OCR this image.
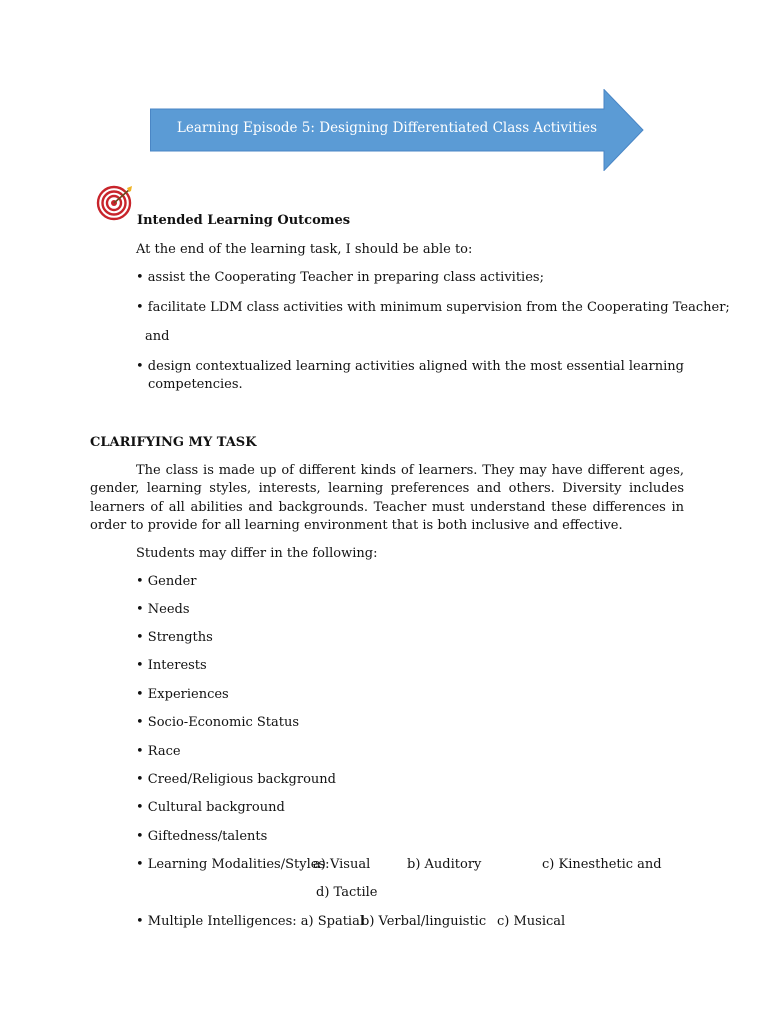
Learning Episode 5: Designing Differentiated Class Activities
Intended Learning Outcomes
At the end of the learning task, I should be able to:
• assist the Cooperating Teacher in preparing class activities;
• facilitate LDM class activities with minimum supervision from the Cooperating Teacher;
and
• design contextualized learning activities aligned with the most essential learning
competencies.
CLARIFYING MY TASK
The class is made up of different kinds of learners. They may have different ages, gender, learning styles, interests, learning preferences and others. Diversity includes learners of all abilities and backgrounds. Teacher must understand these differences in order to provide for all learning environment that is both inclusive and effective.
Students may differ in the following:
• Gender
• Needs
• Strengths
• Interests
• Experiences
• Socio-Economic Status
• Race
• Creed/Religious background
• Cultural background
• Giftedness/talents
• Learning Modalities/Styles:
a) Visual	b) Auditory	c) Kinesthetic and
d) Tactile
• Multiple Intelligences: a) Spatial
b) Verbal/linguistic c) Musical
